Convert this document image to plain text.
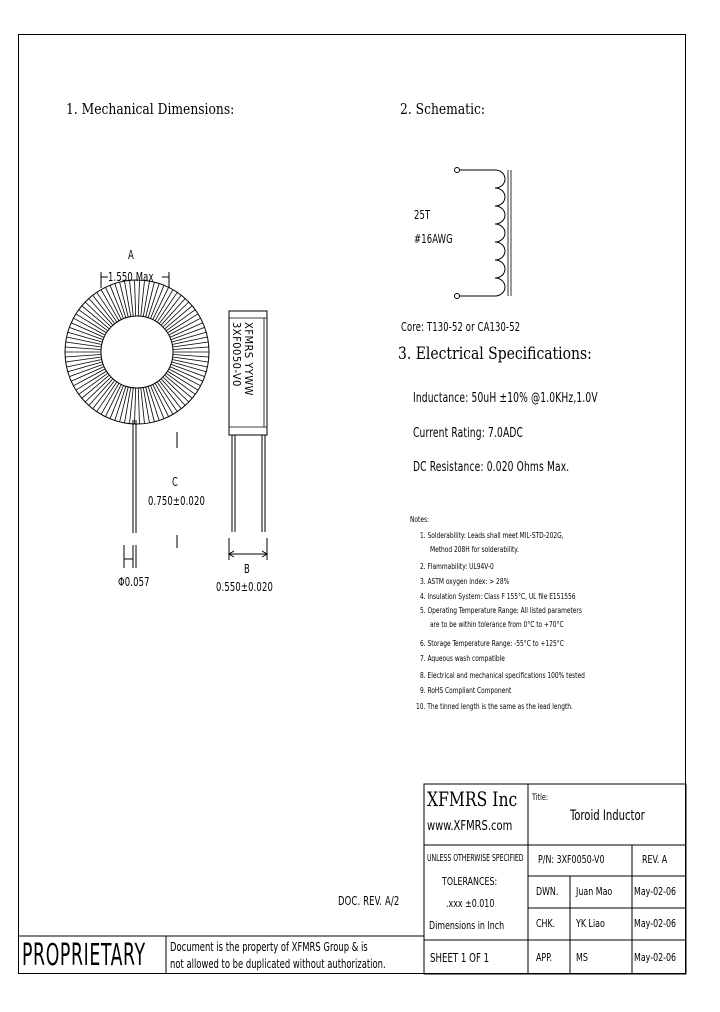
1. Mechanical Dimensions:	2. Schematic:
3. Electrical Specifications:
A
1.550 Max
C
0.750±0.020
Φ0.057
B
0.550±0.020
XFMRS YYWW
3XF0050-V0
25T
#16AWG
Core: T130-52 or CA130-52
Inductance: 50uH ±10% @1.0KHz,1.0V
Current Rating: 7.0ADC
DC Resistance: 0.020 Ohms Max.
Notes:
1. Solderability: Leads shall meet MIL-STD-202G,
Method 208H for solderability.
2. Flammability: UL94V-0
3. ASTM oxygen index: > 28%
4. Insulation System: Class F 155°C, UL file E151556
5. Operating Temperature Range: All listed parameters
are to be within tolerance from 0°C to +70°C
6. Storage Temperature Range: -55°C to +125°C
7. Aqueous wash compatible
8. Electrical and mechanical specifications 100% tested
9. RoHS Compliant Component
10. The tinned length is the same as the lead length.
DOC. REV. A/2
XFMRS Inc
www.XFMRS.com
Title:
Toroid Inductor
UNLESS OTHERWISE SPECIFIED
TOLERANCES:
.xxx ±0.010
Dimensions in Inch
P/N: 3XF0050-V0	REV. A
DWN. Juan Mao May-02-06
CHK. YK Liao	May-02-06
APP. MS	May-02-06
SHEET 1 OF 1
PROPRIETARY Document is the property of XFMRS Group & is
not allowed to be duplicated without authorization.
